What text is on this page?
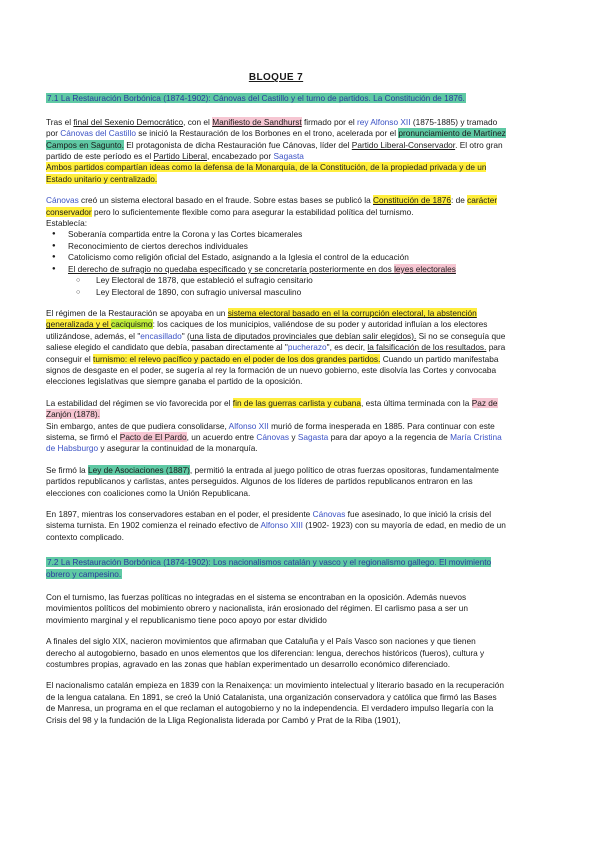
BLOQUE 7
7.1 La Restauración Borbónica (1874-1902): Cánovas del Castillo y el turno de partidos. La Constitución de 1876.

Tras el final del Sexenio Democrático, con el Manifiesto de Sandhurst firmado por el rey Alfonso XII (1875-1885) y tramado por Cánovas del Castillo se inició la Restauración de los Borbones en el trono, acelerada por el pronunciamiento de Martínez Campos en Sagunto. El protagonista de dicha Restauración fue Cánovas, líder del Partido Liberal-Conservador. El otro gran partido de este período es el Partido Liberal, encabezado por Sagasta
Ambos partidos compartían ideas como la defensa de la Monarquía, de la Constitución, de la propiedad privada y de un Estado unitario y centralizado.

Cánovas creó un sistema electoral basado en el fraude. Sobre estas bases se publicó la Constitución de 1876: de carácter conservador pero lo suficientemente flexible como para asegurar la estabilidad política del turnismo.
Establecía:

● Soberanía compartida entre la Corona y las Cortes bicamerales
● Reconocimiento de ciertos derechos individuales
● Catolicismo como religión oficial del Estado, asignando a la Iglesia el control de la educación
● El derecho de sufragio no quedaba especificado y se concretaría posteriormente en dos leyes electorales
○ Ley Electoral de 1878, que estableció el sufragio censitario
○ Ley Electoral de 1890, con sufragio universal masculino

El régimen de la Restauración se apoyaba en un sistema electoral basado en el la corrupción electoral, la abstención generalizada y el caciquismo: los caciques de los municipios, valiéndose de su poder y autoridad influían a los electores utilizándose, además, el "encasillado" (una lista de diputados provinciales que debían salir elegidos). Si no se conseguía que saliese elegido el candidato que debía, pasaban directamente al "pucherazo", es decir, la falsificación de los resultados. para conseguir el turnismo: el relevo pacífico y pactado en el poder de los dos grandes partidos. Cuando un partido manifestaba signos de desgaste en el poder, se sugería al rey la formación de un nuevo gobierno, este disolvía las Cortes y convocaba elecciones legislativas que siempre ganaba el partido de la oposición.

La estabilidad del régimen se vio favorecida por el fin de las guerras carlista y cubana, esta última terminada con la Paz de Zanjón (1878).
Sin embargo, antes de que pudiera consolidarse, Alfonso XII murió de forma inesperada en 1885. Para continuar con este sistema, se firmó el Pacto de El Pardo, un acuerdo entre Cánovas y Sagasta para dar apoyo a la regencia de María Cristina de Habsburgo y asegurar la continuidad de la monarquía.

Se firmó la Ley de Asociaciones (1887), permitió la entrada al juego político de otras fuerzas opositoras, fundamentalmente partidos republicanos y carlistas, antes perseguidos. Algunos de los líderes de partidos republicanos entraron en las elecciones con coaliciones como la Unión Republicana.

En 1897, mientras los conservadores estaban en el poder, el presidente Cánovas fue asesinado, lo que inició la crisis del sistema turnista. En 1902 comienza el reinado efectivo de Alfonso XIII (1902- 1923) con su mayoría de edad, en medio de un contexto complicado.

7.2 La Restauración Borbónica (1874-1902): Los nacionalismos catalán y vasco y el regionalismo gallego. El movimiento obrero y campesino.

Con el turnismo, las fuerzas políticas no integradas en el sistema se encontraban en la oposición. Además nuevos movimientos políticos del mobimiento obrero y nacionalista, irán erosionado del régimen. El carlismo pasa a ser un movimiento marginal y el republicanismo tiene poco apoyo por estar dividido

A finales del siglo XIX, nacieron movimientos que afirmaban que Cataluña y el País Vasco son naciones y que tienen derecho al autogobierno, basado en unos elementos que los diferencian: lengua, derechos históricos (fueros), cultura y costumbres propias, agravado en las zonas que habían experimentado un desarrollo económico diferenciado.

El nacionalismo catalán empieza en 1839 con la Renaixença: un movimiento intelectual y literario basado en la recuperación de la lengua catalana. En 1891, se creó la Unió Catalanista, una organización conservadora y católica que firmó las Bases de Manresa, un programa en el que reclaman el autogobierno y no la independencia. El verdadero impulso llegaría con la Crisis del 98 y la fundación de la Lliga Regionalista liderada por Cambó y Prat de la Riba (1901),
